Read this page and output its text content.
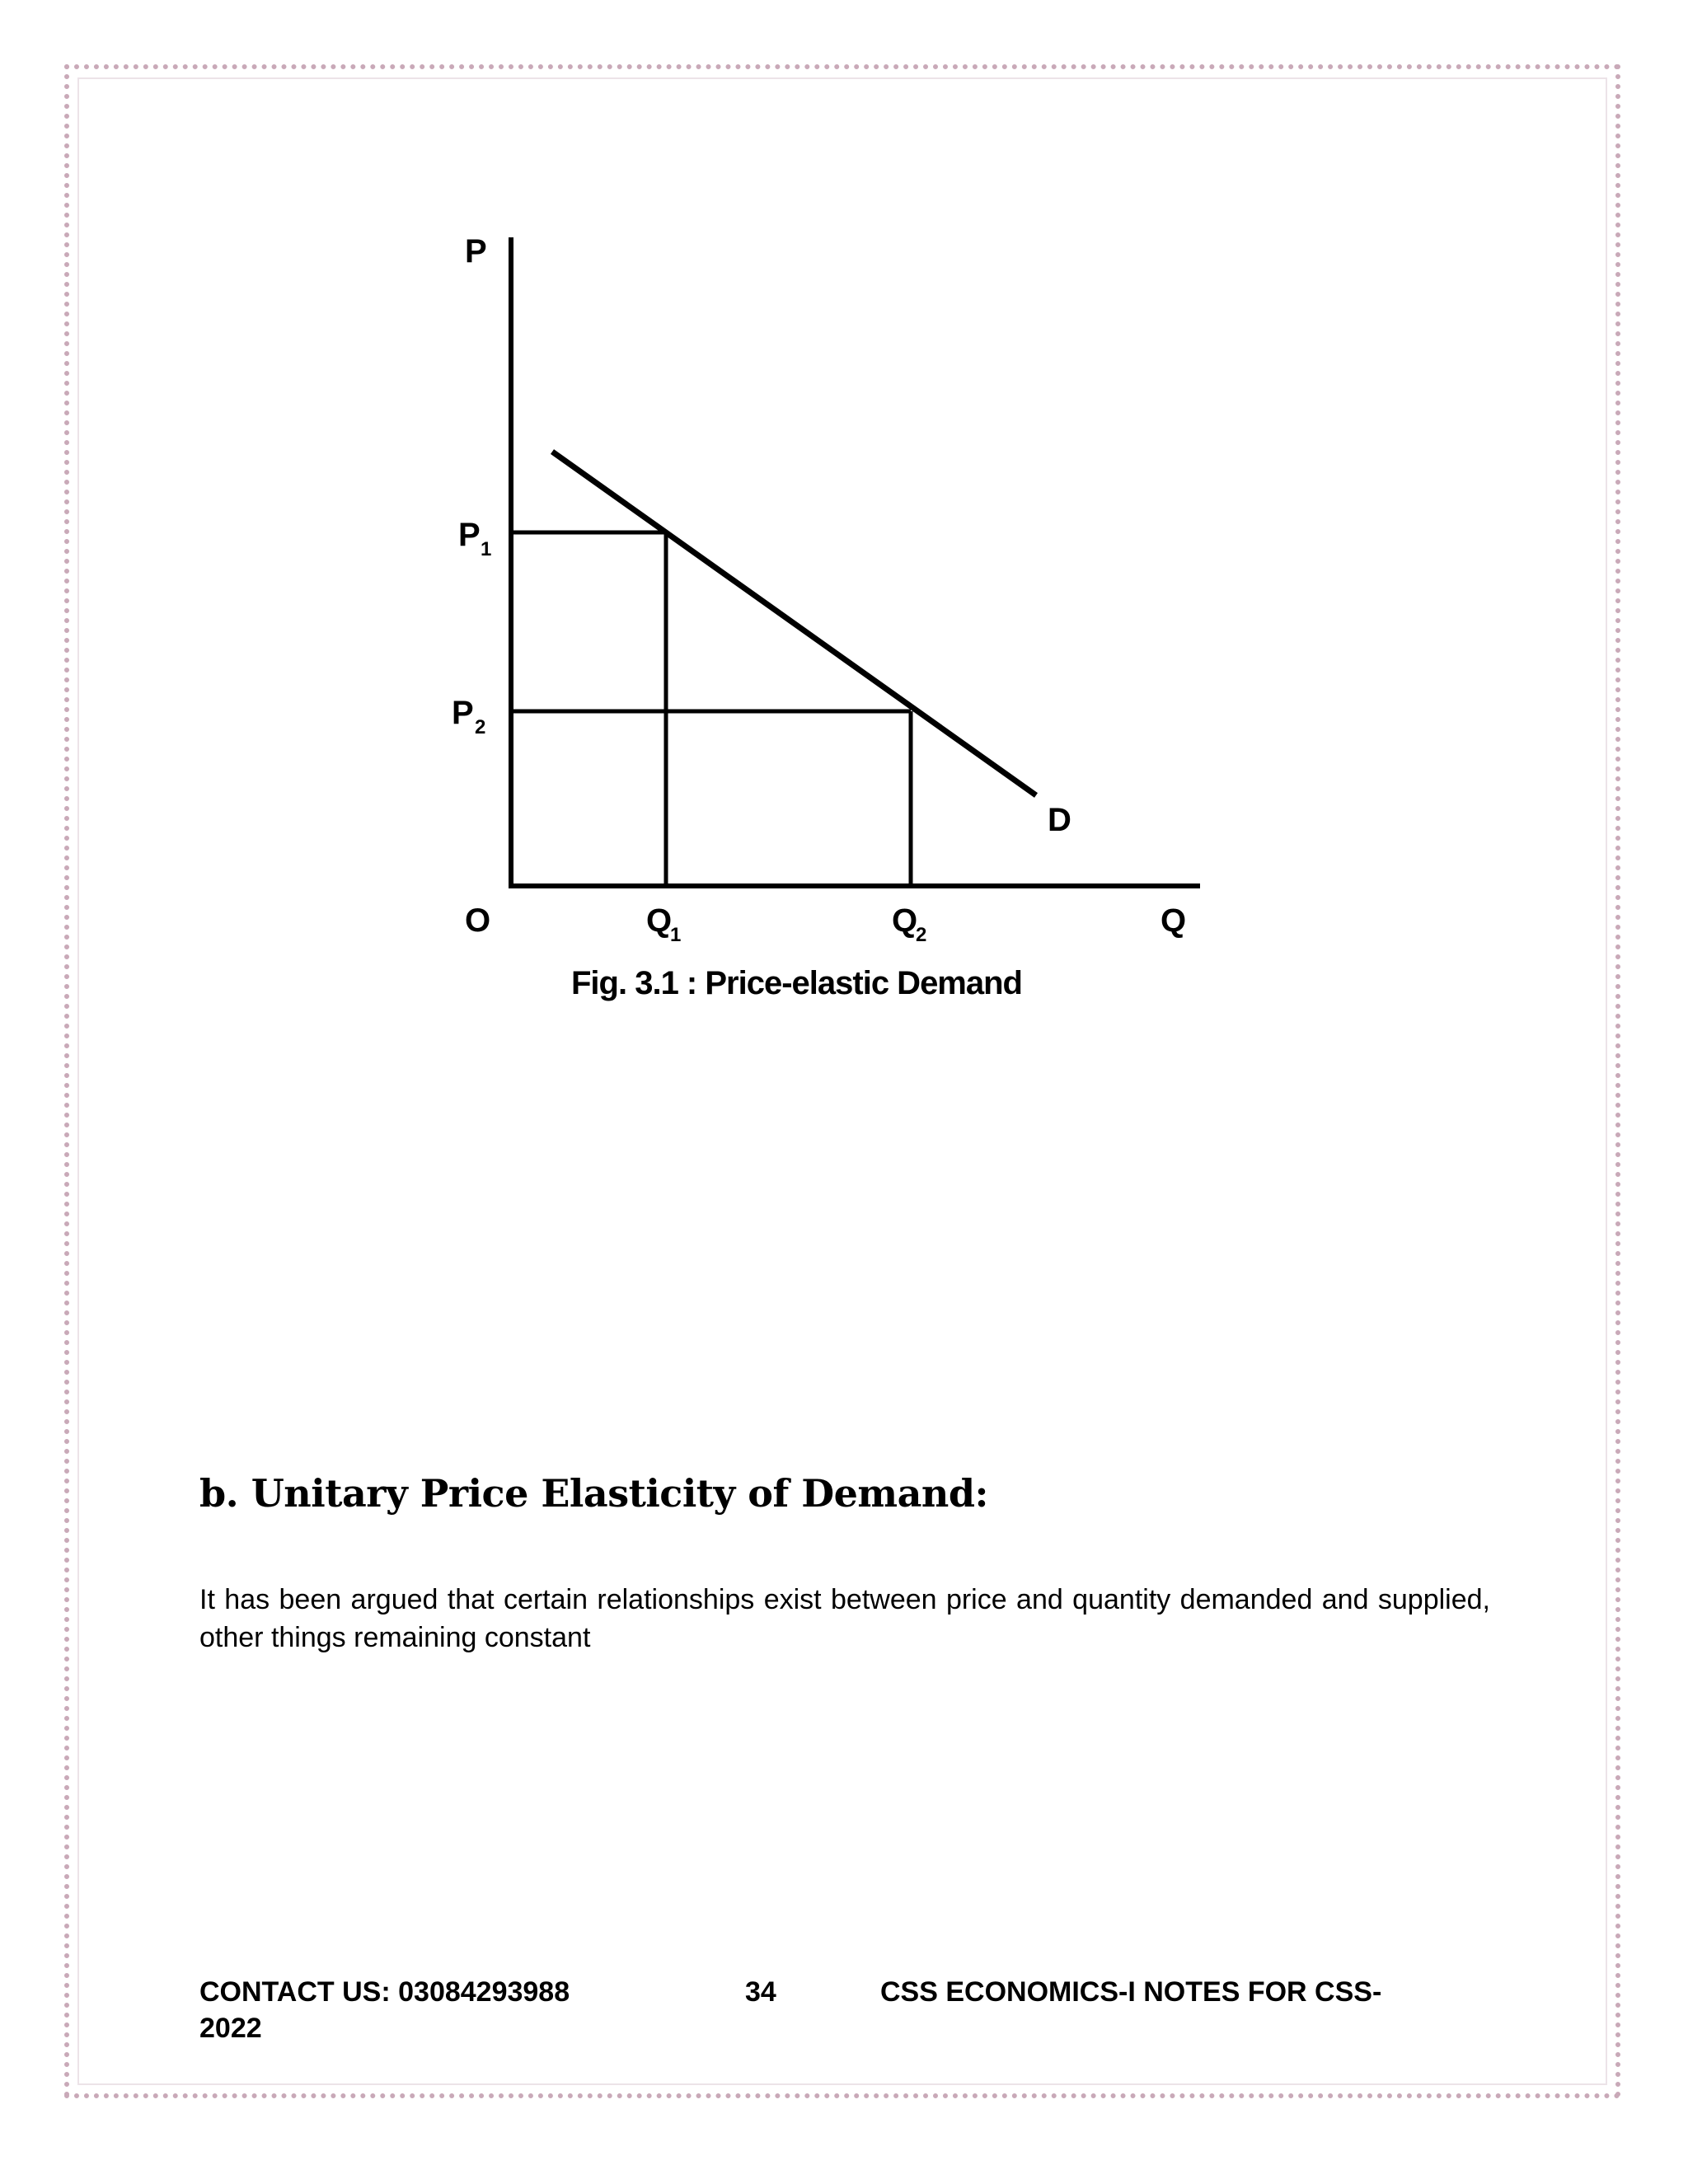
P
Q
O
P 1
P 2
Q
1	Q
2
D
Fig. 3.1 : Price-elastic Demand
b. Unitary Price Elasticity of Demand:

It has been argued that certain relationships exist between price and quantity demanded and supplied, other things remaining constant

CONTACT US: 03084293988	34	CSS ECONOMICS-I NOTES FOR CSS-
2022
